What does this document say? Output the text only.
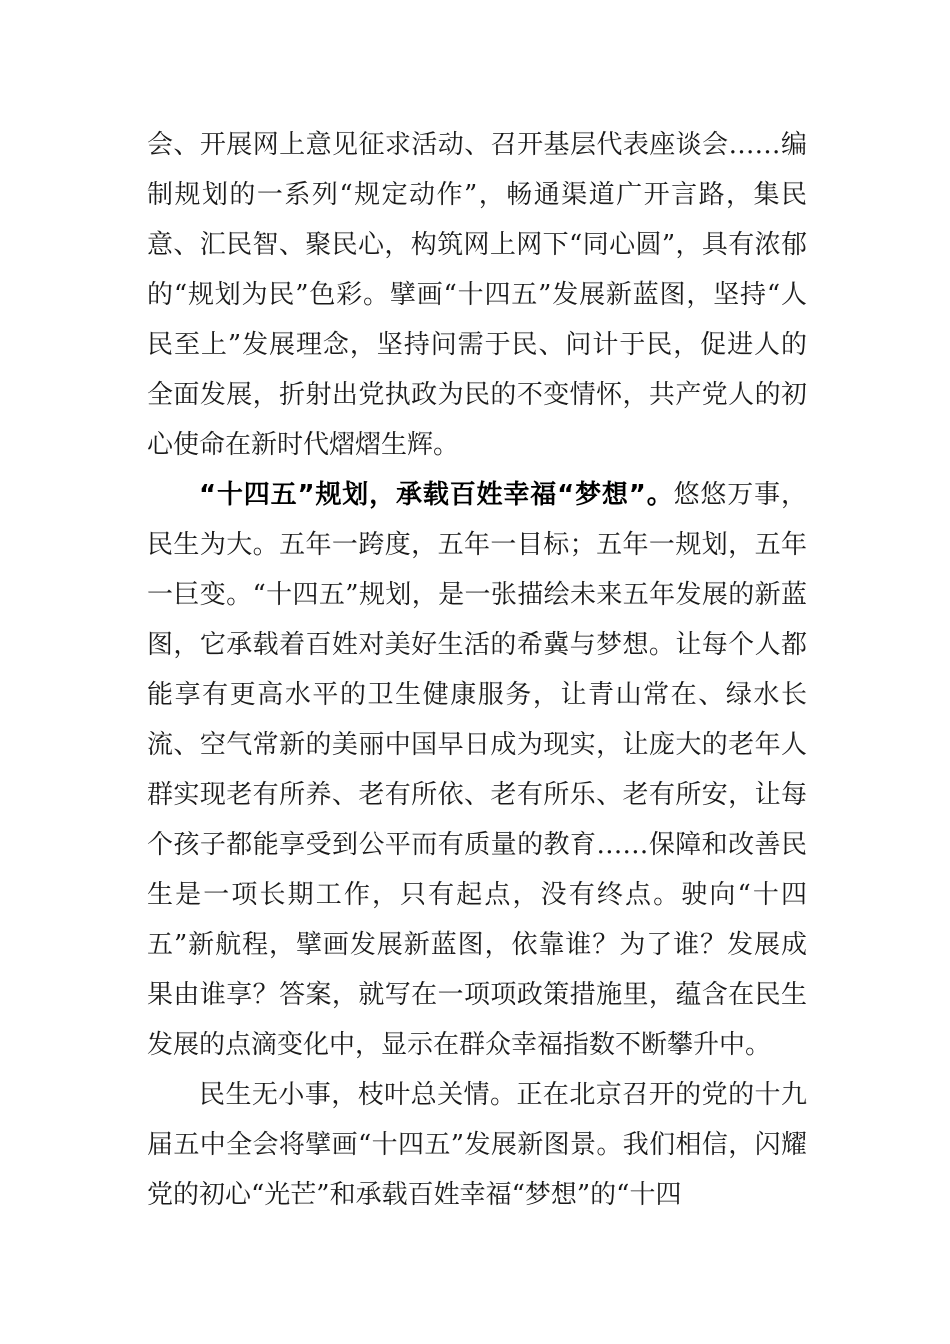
会、开展网上意见征求活动、召开基层代表座谈会……编制规划的一系列“规定动作”，畅通渠道广开言路，集民意、汇民智、聚民心，构筑网上网下“同心圆”，具有浓郁的“规划为民”色彩。擘画“十四五”发展新蓝图，坚持“人民至上”发展理念，坚持问需于民、问计于民，促进人的全面发展，折射出党执政为民的不变情怀，共产党人的初心使命在新时代熠熠生辉。

“十四五”规划，承载百姓幸福“梦想”。悠悠万事，民生为大。五年一跨度，五年一目标；五年一规划，五年一巨变。“十四五”规划，是一张描绘未来五年发展的新蓝图，它承载着百姓对美好生活的希冀与梦想。让每个人都能享有更高水平的卫生健康服务，让青山常在、绿水长流、空气常新的美丽中国早日成为现实，让庞大的老年人群实现老有所养、老有所依、老有所乐、老有所安，让每个孩子都能享受到公平而有质量的教育……保障和改善民生是一项长期工作，只有起点，没有终点。驶向“十四五”新航程，擘画发展新蓝图，依靠谁？为了谁？发展成果由谁享？答案，就写在一项项政策措施里，蕴含在民生发展的点滴变化中，显示在群众幸福指数不断攀升中。

民生无小事，枝叶总关情。正在北京召开的党的十九届五中全会将擘画“十四五”发展新图景。我们相信，闪耀党的初心“光芒”和承载百姓幸福“梦想”的“十四
